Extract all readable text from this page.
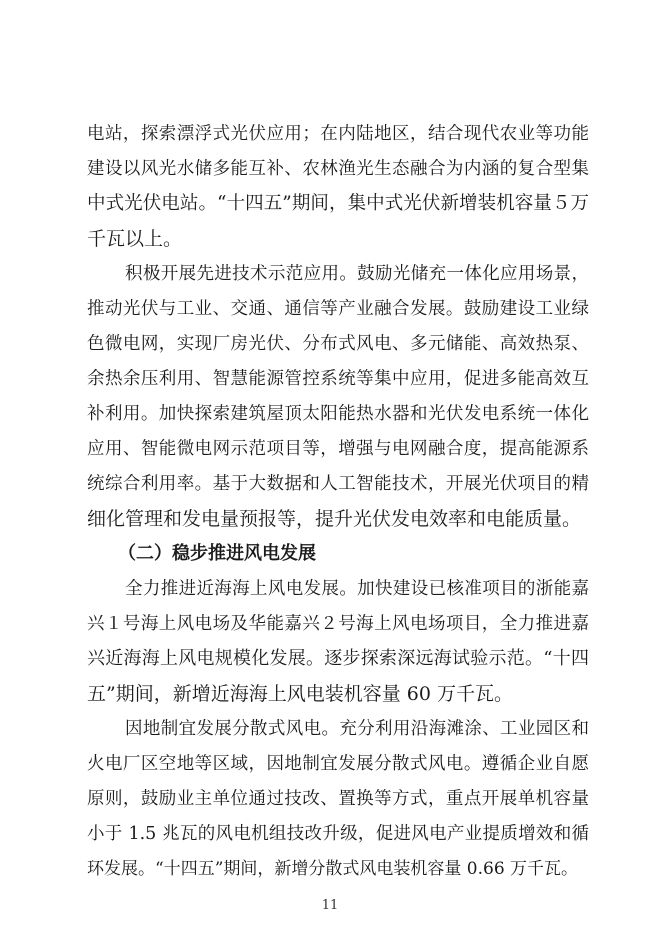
电站，探索漂浮式光伏应用；在内陆地区，结合现代农业等功能
建设以风光水储多能互补、农林渔光生态融合为内涵的复合型集
中式光伏电站。“十四五”期间，集中式光伏新增装机容量５万
千瓦以上。
积极开展先进技术示范应用。鼓励光储充一体化应用场景，
推动光伏与工业、交通、通信等产业融合发展。鼓励建设工业绿
色微电网，实现厂房光伏、分布式风电、多元储能、高效热泵、
余热余压利用、智慧能源管控系统等集中应用，促进多能高效互
补利用。加快探索建筑屋顶太阳能热水器和光伏发电系统一体化
应用、智能微电网示范项目等，增强与电网融合度，提高能源系
统综合利用率。基于大数据和人工智能技术，开展光伏项目的精
细化管理和发电量预报等，提升光伏发电效率和电能质量。
（二）稳步推进风电发展
全力推进近海海上风电发展。加快建设已核准项目的浙能嘉
兴１号海上风电场及华能嘉兴２号海上风电场项目，全力推进嘉
兴近海海上风电规模化发展。逐步探索深远海试验示范。“十四
五”期间，新增近海海上风电装机容量 60 万千瓦。
因地制宜发展分散式风电。充分利用沿海滩涂、工业园区和
火电厂区空地等区域，因地制宜发展分散式风电。遵循企业自愿
原则，鼓励业主单位通过技改、置换等方式，重点开展单机容量
小于 1.5 兆瓦的风电机组技改升级，促进风电产业提质增效和循
环发展。“十四五”期间，新增分散式风电装机容量 0.66 万千瓦。
11
